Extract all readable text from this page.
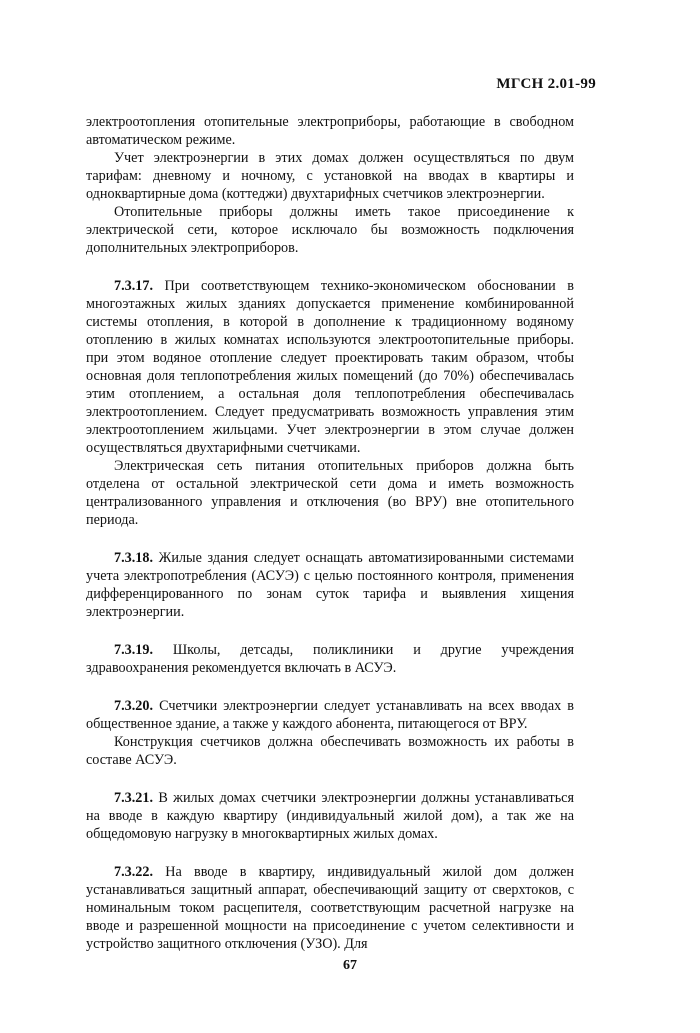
МГСН 2.01-99

электроотопления отопительные электроприборы, работающие в свободном автоматическом режиме.

Учет электроэнергии в этих домах должен осуществляться по двум тарифам: дневному и ночному, с установкой на вводах в квартиры и одноквартирные дома (коттеджи) двухтарифных счетчиков электроэнергии.

Отопительные приборы должны иметь такое присоединение к электрической сети, которое исключало бы возможность подключения дополнительных электроприборов.

7.3.17. При соответствующем технико-экономическом обосновании в многоэтажных жилых зданиях допускается применение комбинированной системы отопления, в которой в дополнение к традиционному водяному отоплению в жилых комнатах используются электроотопительные приборы. при этом водяное отопление следует проектировать таким образом, чтобы основная доля теплопотребления жилых помещений (до 70%) обеспечивалась этим отоплением, а остальная доля теплопотребления обеспечивалась электроотоплением. Следует предусматривать возможность управления этим электроотоплением жильцами. Учет электроэнергии в этом случае должен осуществляться двухтарифными счетчиками.

Электрическая сеть питания отопительных приборов должна быть отделена от остальной электрической сети дома и иметь возможность централизованного управления и отключения (во ВРУ) вне отопительного периода.

7.3.18. Жилые здания следует оснащать автоматизированными системами учета электропотребления (АСУЭ) с целью постоянного контроля, применения дифференцированного по зонам суток тарифа и выявления хищения электроэнергии.

7.3.19. Школы, детсады, поликлиники и другие учреждения здравоохранения рекомендуется включать в АСУЭ.

7.3.20. Счетчики электроэнергии следует устанавливать на всех вводах в общественное здание, а также у каждого абонента, питающегося от ВРУ.

Конструкция счетчиков должна обеспечивать возможность их работы в составе АСУЭ.

7.3.21. В жилых домах счетчики электроэнергии должны устанавливаться на вводе в каждую квартиру (индивидуальный жилой дом), а так же на общедомовую нагрузку в многоквартирных жилых домах.

7.3.22. На вводе в квартиру, индивидуальный жилой дом должен устанавливаться защитный аппарат, обеспечивающий защиту от сверхтоков, с номинальным током расцепителя, соответствующим расчетной нагрузке на вводе и разрешенной мощности на присоединение с учетом селективности и устройство защитного отключения (УЗО). Для

67
